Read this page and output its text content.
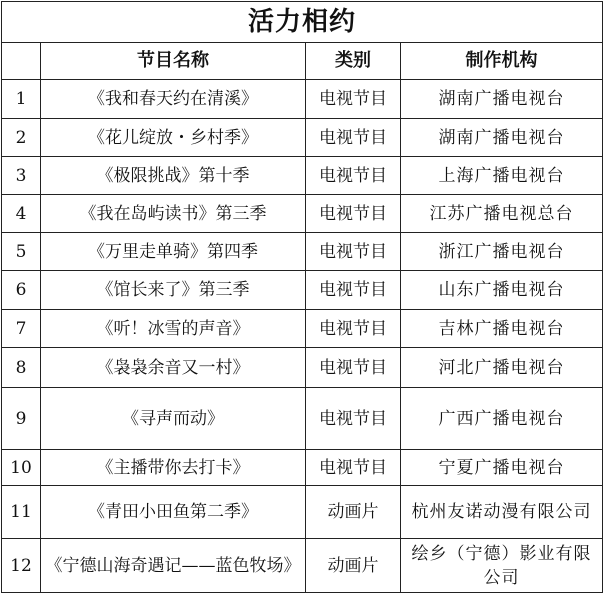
活力相约			
	节目名称	类别	制作机构
1	《我和春天约在清溪》	电视节目	湖南广播电视台
2	《花儿绽放・乡村季》	电视节目	湖南广播电视台
3	《极限挑战》第十季	电视节目	上海广播电视台
4	《我在岛屿读书》第三季	电视节目	江苏广播电视总台
5	《万里走单骑》第四季	电视节目	浙江广播电视台
6	《馆长来了》第三季	电视节目	山东广播电视台
7	《听！冰雪的声音》	电视节目	吉林广播电视台
8	《袅袅余音又一村》	电视节目	河北广播电视台
9	《寻声而动》	电视节目	广西广播电视台
10	《主播带你去打卡》	电视节目	宁夏广播电视台
11	《青田小田鱼第二季》	动画片	杭州友诺动漫有限公司
12	《宁德山海奇遇记——蓝色牧场》	动画片	绘乡（宁德）影业有限公司
